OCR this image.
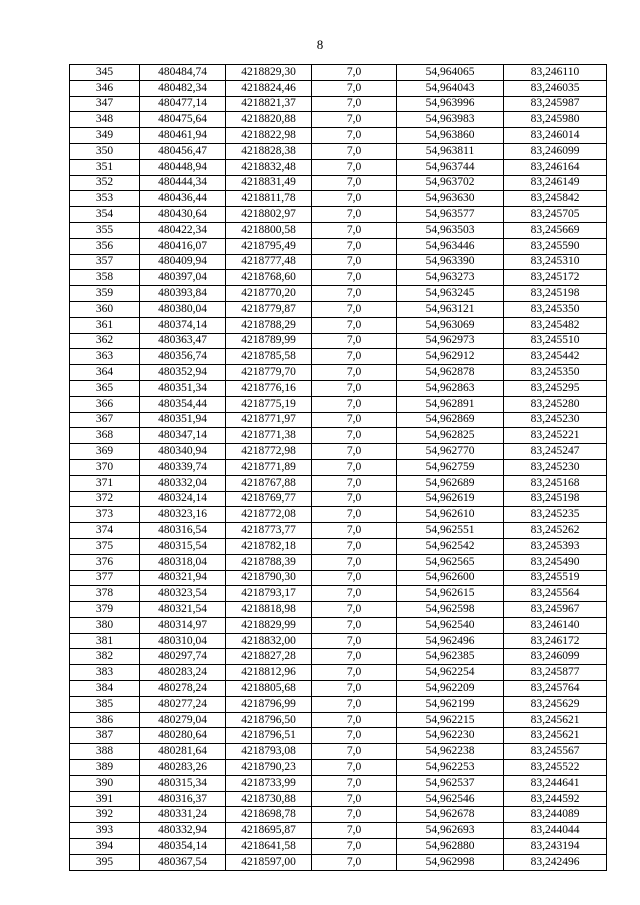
8
345	480484,74	4218829,30	7,0	54,964065	83,246110
346	480482,34	4218824,46	7,0	54,964043	83,246035
347	480477,14	4218821,37	7,0	54,963996	83,245987
348	480475,64	4218820,88	7,0	54,963983	83,245980
349	480461,94	4218822,98	7,0	54,963860	83,246014
350	480456,47	4218828,38	7,0	54,963811	83,246099
351	480448,94	4218832,48	7,0	54,963744	83,246164
352	480444,34	4218831,49	7,0	54,963702	83,246149
353	480436,44	4218811,78	7,0	54,963630	83,245842
354	480430,64	4218802,97	7,0	54,963577	83,245705
355	480422,34	4218800,58	7,0	54,963503	83,245669
356	480416,07	4218795,49	7,0	54,963446	83,245590
357	480409,94	4218777,48	7,0	54,963390	83,245310
358	480397,04	4218768,60	7,0	54,963273	83,245172
359	480393,84	4218770,20	7,0	54,963245	83,245198
360	480380,04	4218779,87	7,0	54,963121	83,245350
361	480374,14	4218788,29	7,0	54,963069	83,245482
362	480363,47	4218789,99	7,0	54,962973	83,245510
363	480356,74	4218785,58	7,0	54,962912	83,245442
364	480352,94	4218779,70	7,0	54,962878	83,245350
365	480351,34	4218776,16	7,0	54,962863	83,245295
366	480354,44	4218775,19	7,0	54,962891	83,245280
367	480351,94	4218771,97	7,0	54,962869	83,245230
368	480347,14	4218771,38	7,0	54,962825	83,245221
369	480340,94	4218772,98	7,0	54,962770	83,245247
370	480339,74	4218771,89	7,0	54,962759	83,245230
371	480332,04	4218767,88	7,0	54,962689	83,245168
372	480324,14	4218769,77	7,0	54,962619	83,245198
373	480323,16	4218772,08	7,0	54,962610	83,245235
374	480316,54	4218773,77	7,0	54,962551	83,245262
375	480315,54	4218782,18	7,0	54,962542	83,245393
376	480318,04	4218788,39	7,0	54,962565	83,245490
377	480321,94	4218790,30	7,0	54,962600	83,245519
378	480323,54	4218793,17	7,0	54,962615	83,245564
379	480321,54	4218818,98	7,0	54,962598	83,245967
380	480314,97	4218829,99	7,0	54,962540	83,246140
381	480310,04	4218832,00	7,0	54,962496	83,246172
382	480297,74	4218827,28	7,0	54,962385	83,246099
383	480283,24	4218812,96	7,0	54,962254	83,245877
384	480278,24	4218805,68	7,0	54,962209	83,245764
385	480277,24	4218796,99	7,0	54,962199	83,245629
386	480279,04	4218796,50	7,0	54,962215	83,245621
387	480280,64	4218796,51	7,0	54,962230	83,245621
388	480281,64	4218793,08	7,0	54,962238	83,245567
389	480283,26	4218790,23	7,0	54,962253	83,245522
390	480315,34	4218733,99	7,0	54,962537	83,244641
391	480316,37	4218730,88	7,0	54,962546	83,244592
392	480331,24	4218698,78	7,0	54,962678	83,244089
393	480332,94	4218695,87	7,0	54,962693	83,244044
394	480354,14	4218641,58	7,0	54,962880	83,243194
395	480367,54	4218597,00	7,0	54,962998	83,242496
